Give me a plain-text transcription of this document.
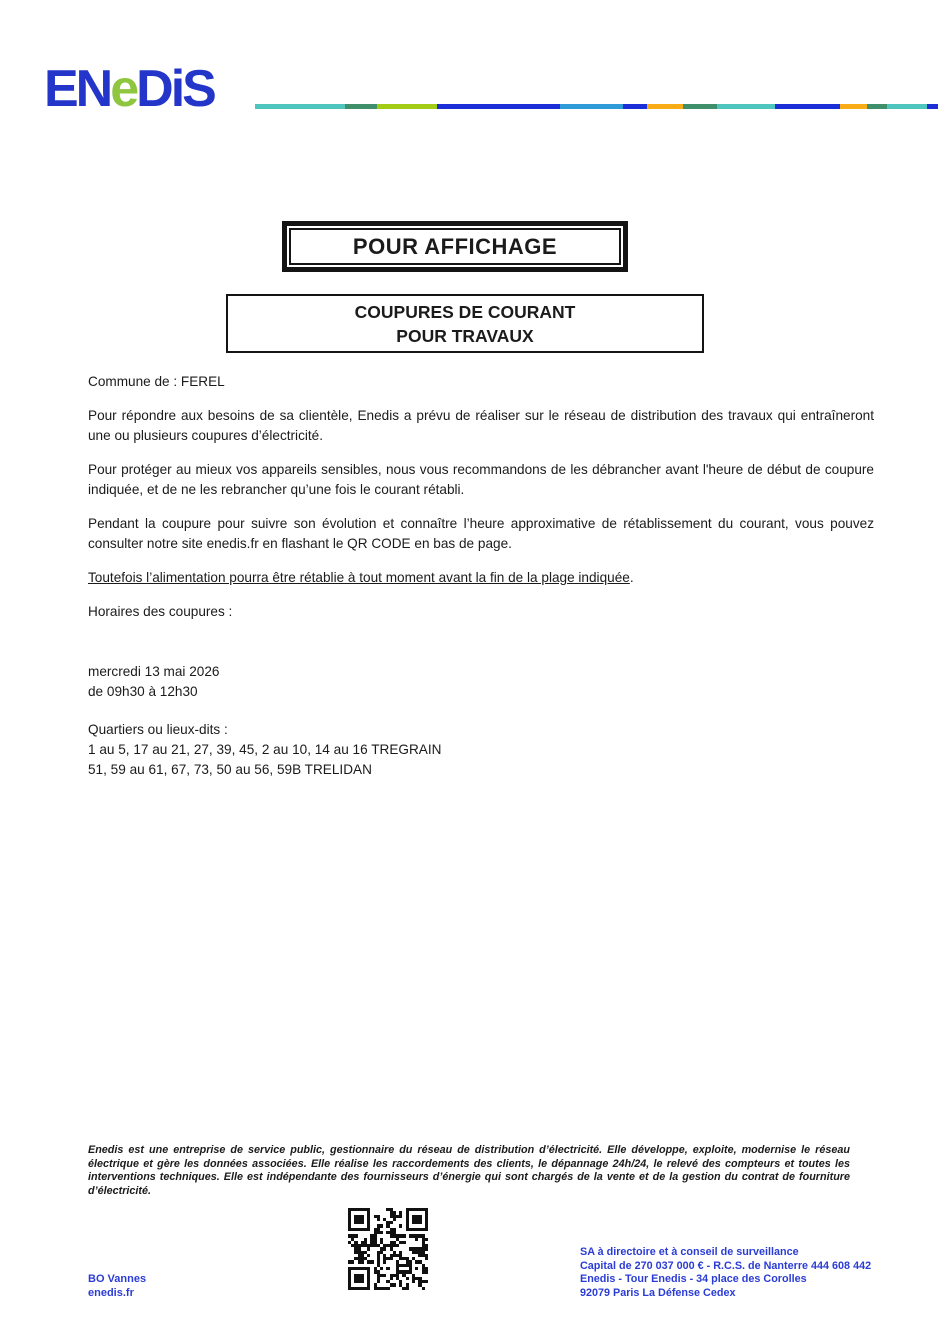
ENeDiS
POUR AFFICHAGE
COUPURES DE COURANT
POUR TRAVAUX

Commune de : FEREL

Pour répondre aux besoins de sa clientèle, Enedis a prévu de réaliser sur le réseau de distribution des travaux qui entraîneront une ou plusieurs coupures d’électricité.

Pour protéger au mieux vos appareils sensibles, nous vous recommandons de les débrancher avant l'heure de début de coupure indiquée, et de ne les rebrancher qu’une fois le courant rétabli.

Pendant la coupure pour suivre son évolution et connaître l’heure approximative de rétablissement du courant, vous pouvez consulter notre site enedis.fr en flashant le QR CODE en bas de page.

Toutefois l’alimentation pourra être rétablie à tout moment avant la fin de la plage indiquée.

Horaires des coupures :

mercredi 13 mai 2026

de 09h30 à 12h30

Quartiers ou lieux-dits :

1 au 5, 17 au 21, 27, 39, 45, 2 au 10, 14 au 16 TREGRAIN

51, 59 au 61, 67, 73, 50 au 56, 59B TRELIDAN

Enedis est une entreprise de service public, gestionnaire du réseau de distribution d’électricité. Elle développe, exploite, modernise le réseau électrique et gère les données associées. Elle réalise les raccordements des clients, le dépannage 24h/24, le relevé des compteurs et toutes les interventions techniques. Elle est indépendante des fournisseurs d’énergie qui sont chargés de la vente et de la gestion du contrat de fourniture d’électricité.
BO Vannes
enedis.fr
SA à directoire et à conseil de surveillance
Capital de 270 037 000 € - R.C.S. de Nanterre 444 608 442
Enedis - Tour Enedis - 34 place des Corolles
92079 Paris La Défense Cedex
